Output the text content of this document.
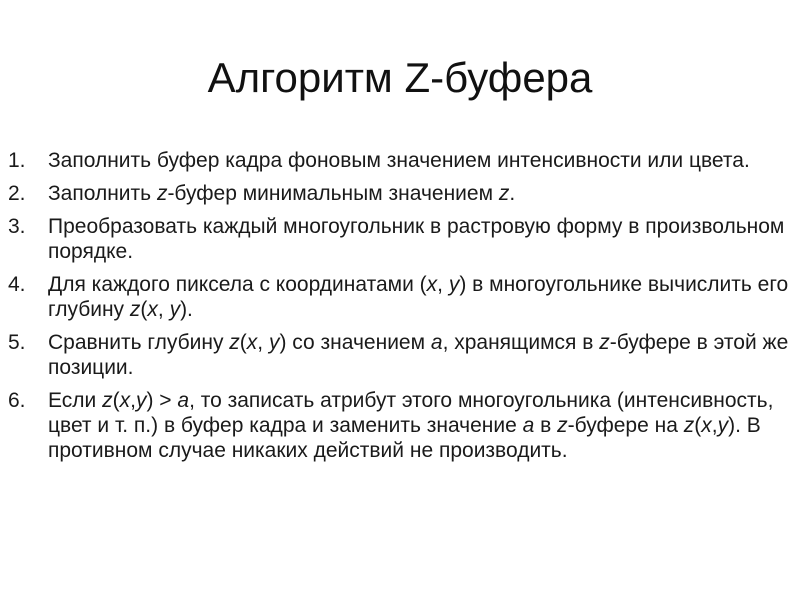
Алгоритм Z-буфера
1.	Заполнить буфер кадра фоновым значением интенсивности или цвета.
2.	Заполнить z-буфер минимальным значением z.
3.	Преобразовать каждый многоугольник в растровую форму в произвольном порядке.
4.	Для каждого пиксела с координатами (x, y) в многоугольнике вычислить его глубину z(x, y).
5.	Сравнить глубину z(x, y) со значением a, хранящимся в z-буфере в этой же позиции.
6.	Если z(x,y) > a, то записать атрибут этого многоугольника (интенсивность, цвет и т. п.) в буфер кадра и заменить значение a в z-буфере на z(x,y). В противном случае никаких действий не производить.
